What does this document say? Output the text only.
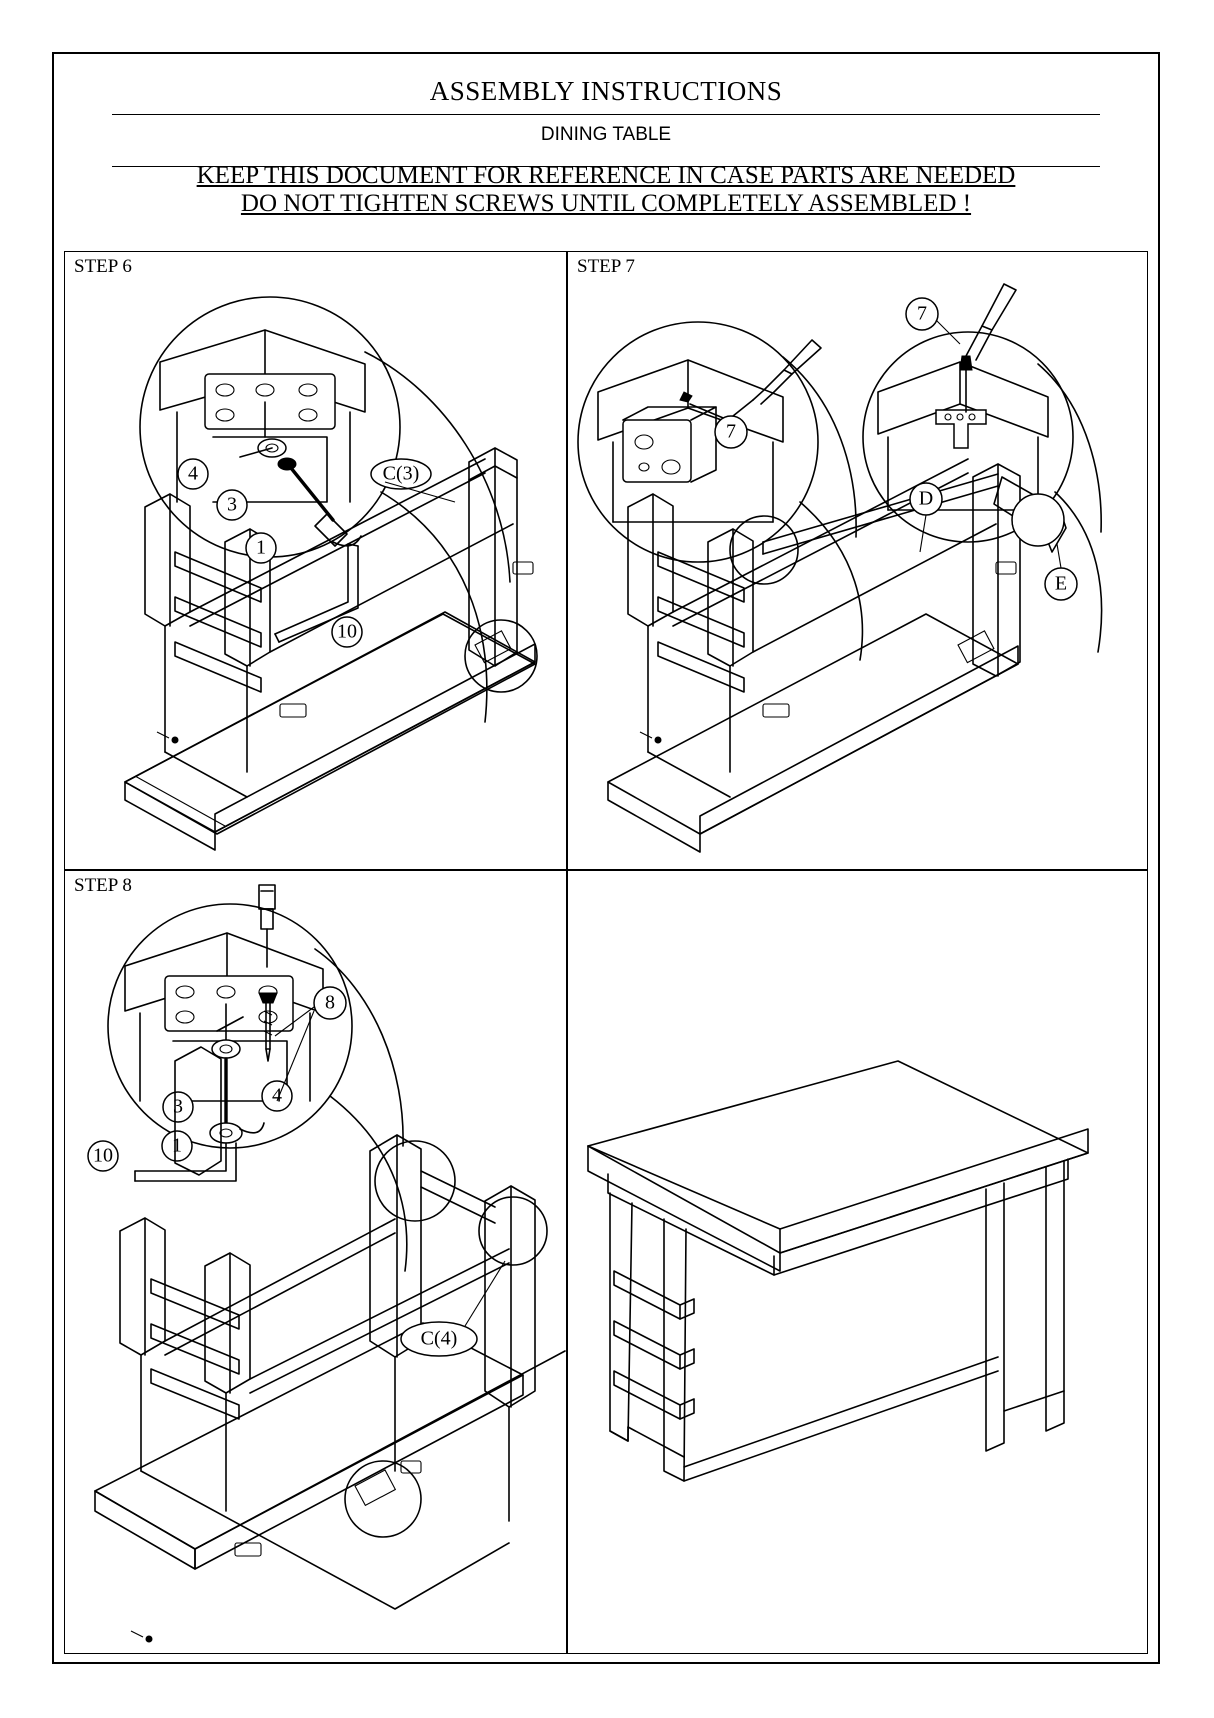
ASSEMBLY INSTRUCTIONS
DINING TABLE
KEEP THIS DOCUMENT FOR REFERENCE IN CASE PARTS ARE NEEDED
DO NOT TIGHTEN SCREWS UNTIL COMPLETELY ASSEMBLED !
STEP 6
4
3
1
C(3)
10
STEP 7
7
7
D
E
STEP 8
3	4
1
10
8
C(4)
